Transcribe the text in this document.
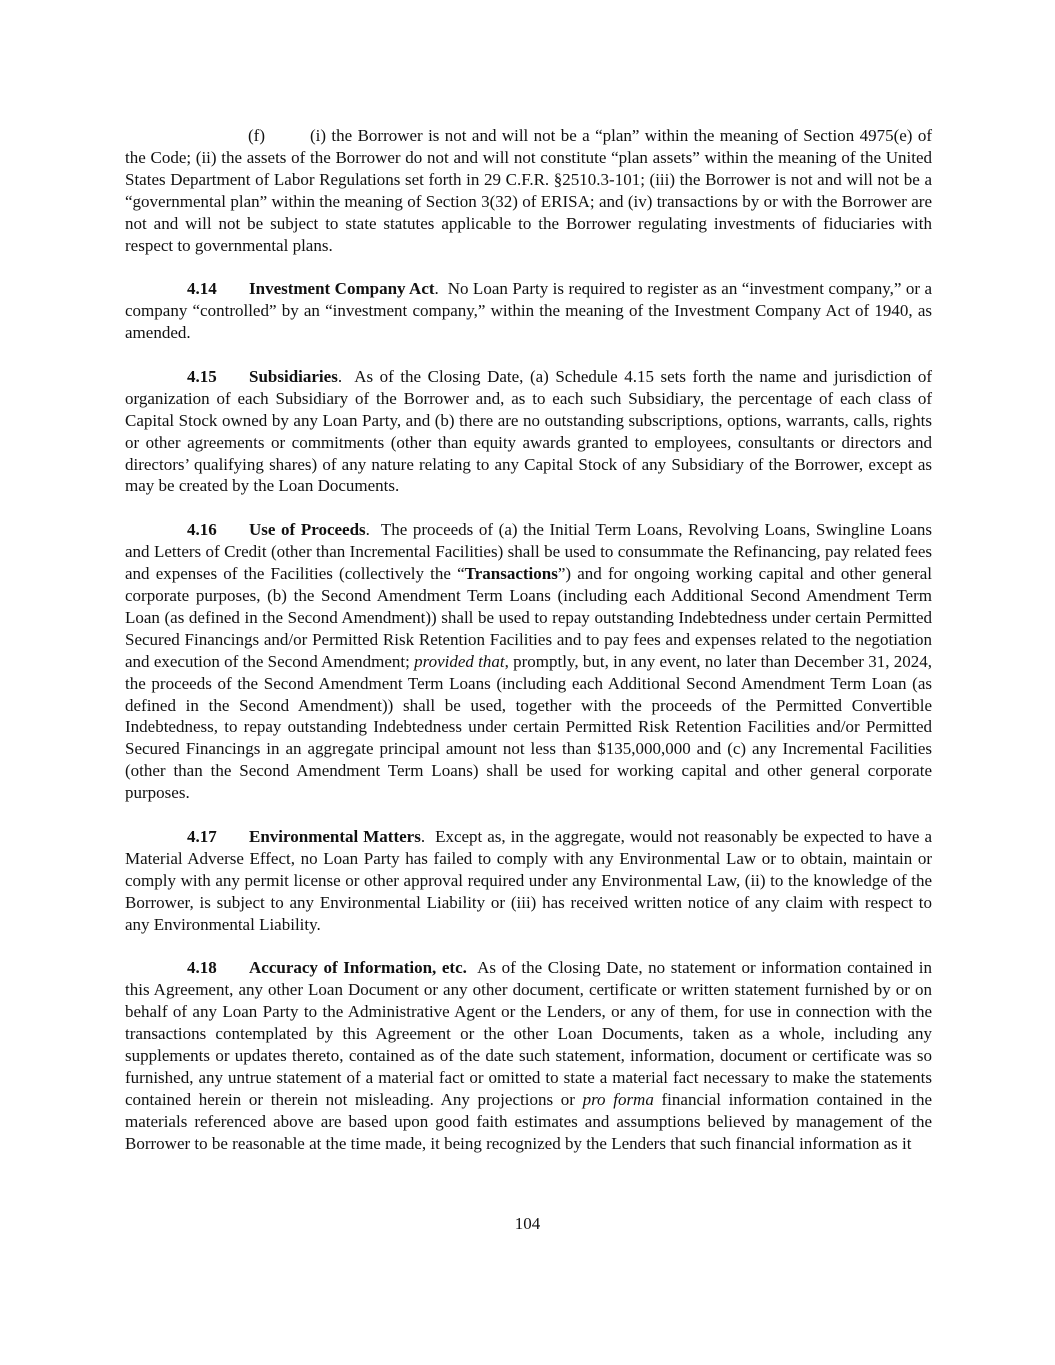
(f)	(i) the Borrower is not and will not be a “plan” within the meaning of Section 4975(e) of the Code; (ii) the assets of the Borrower do not and will not constitute “plan assets” within the meaning of the United States Department of Labor Regulations set forth in 29 C.F.R. §2510.3-101; (iii) the Borrower is not and will not be a “governmental plan” within the meaning of Section 3(32) of ERISA; and (iv) transactions by or with the Borrower are not and will not be subject to state statutes applicable to the Borrower regulating investments of fiduciaries with respect to governmental plans.

4.14 Investment Company Act.  No Loan Party is required to register as an “investment company,” or a company “controlled” by an “investment company,” within the meaning of the Investment Company Act of 1940, as amended.

4.15 Subsidiaries.  As of the Closing Date, (a) Schedule 4.15 sets forth the name and jurisdiction of organization of each Subsidiary of the Borrower and, as to each such Subsidiary, the percentage of each class of Capital Stock owned by any Loan Party, and (b) there are no outstanding subscriptions, options, warrants, calls, rights or other agreements or commitments (other than equity awards granted to employees, consultants or directors and directors’ qualifying shares) of any nature relating to any Capital Stock of any Subsidiary of the Borrower, except as may be created by the Loan Documents.

4.16 Use of Proceeds.  The proceeds of (a) the Initial Term Loans, Revolving Loans, Swingline Loans and Letters of Credit (other than Incremental Facilities) shall be used to consummate the Refinancing, pay related fees and expenses of the Facilities (collectively the “Transactions”) and for ongoing working capital and other general corporate purposes, (b) the Second Amendment Term Loans (including each Additional Second Amendment Term Loan (as defined in the Second Amendment)) shall be used to repay outstanding Indebtedness under certain Permitted Secured Financings and/or Permitted Risk Retention Facilities and to pay fees and expenses related to the negotiation and execution of the Second Amendment; provided that, promptly, but, in any event, no later than December 31, 2024, the proceeds of the Second Amendment Term Loans (including each Additional Second Amendment Term Loan (as defined in the Second Amendment)) shall be used, together with the proceeds of the Permitted Convertible Indebtedness, to repay outstanding Indebtedness under certain Permitted Risk Retention Facilities and/or Permitted Secured Financings in an aggregate principal amount not less than $135,000,000 and (c) any Incremental Facilities (other than the Second Amendment Term Loans) shall be used for working capital and other general corporate purposes.

4.17 Environmental Matters.  Except as, in the aggregate, would not reasonably be expected to have a Material Adverse Effect, no Loan Party has failed to comply with any Environmental Law or to obtain, maintain or comply with any permit license or other approval required under any Environmental Law, (ii) to the knowledge of the Borrower, is subject to any Environmental Liability or (iii) has received written notice of any claim with respect to any Environmental Liability.

4.18 Accuracy of Information, etc. As of the Closing Date, no statement or information contained in this Agreement, any other Loan Document or any other document, certificate or written statement furnished by or on behalf of any Loan Party to the Administrative Agent or the Lenders, or any of them, for use in connection with the transactions contemplated by this Agreement or the other Loan Documents, taken as a whole, including any supplements or updates thereto, contained as of the date such statement, information, document or certificate was so furnished, any untrue statement of a material fact or omitted to state a material fact necessary to make the statements contained herein or therein not misleading. Any projections or pro forma financial information contained in the materials referenced above are based upon good faith estimates and assumptions believed by management of the Borrower to be reasonable at the time made, it being recognized by the Lenders that such financial information as it

104
